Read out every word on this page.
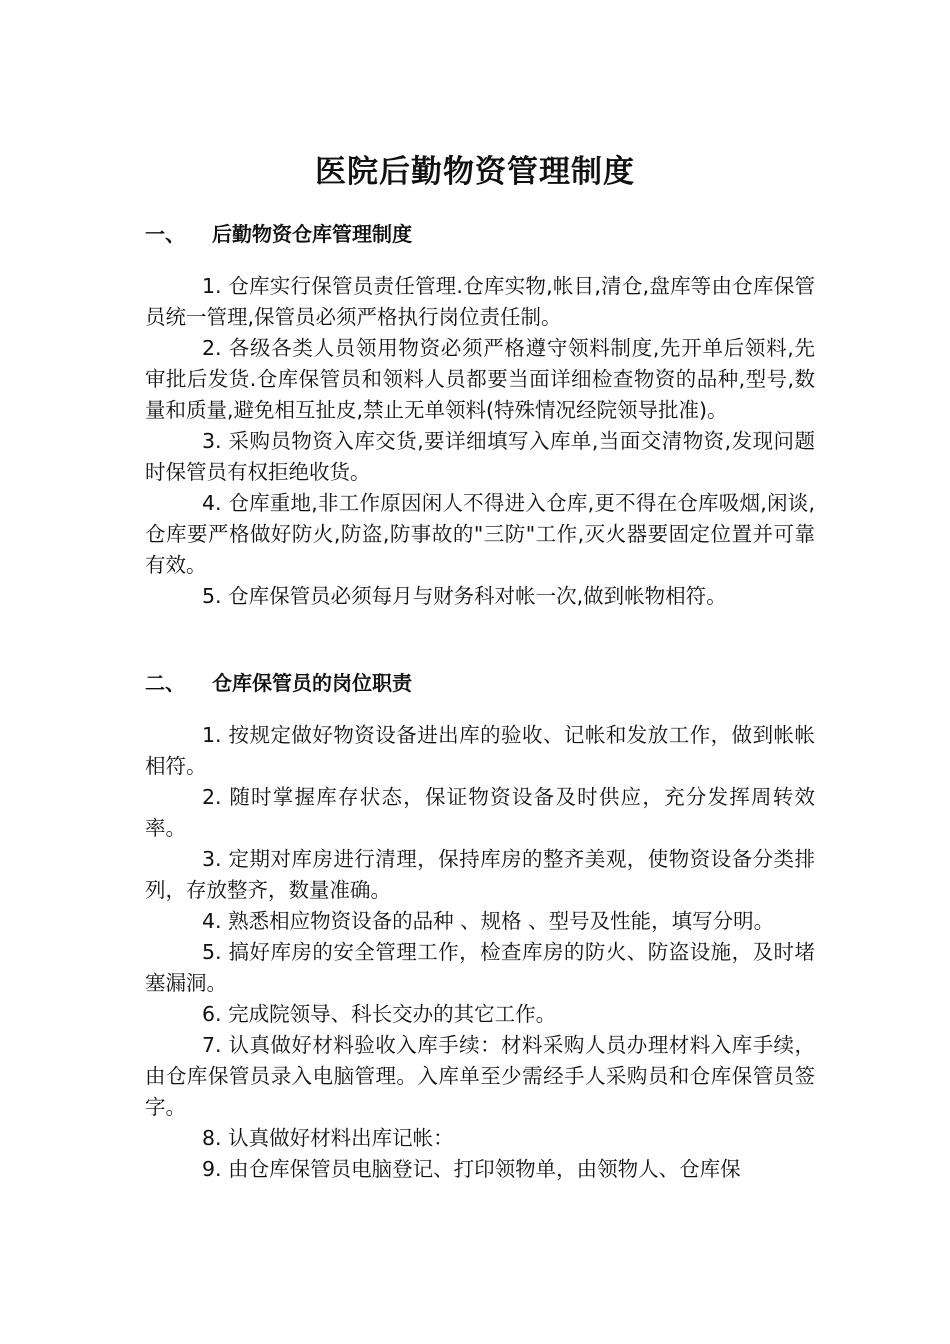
医院后勤物资管理制度
一、 后勤物资仓库管理制度
1. 仓库实行保管员责任管理.仓库实物,帐目,清仓,盘库等由仓库保管员统一管理,保管员必须严格执行岗位责任制。
2. 各级各类人员领用物资必须严格遵守领料制度,先开单后领料,先审批后发货.仓库保管员和领料人员都要当面详细检查物资的品种,型号,数量和质量,避免相互扯皮,禁止无单领料(特殊情况经院领导批准)。
3. 采购员物资入库交货,要详细填写入库单,当面交清物资,发现问题时保管员有权拒绝收货。
4. 仓库重地,非工作原因闲人不得进入仓库,更不得在仓库吸烟,闲谈,仓库要严格做好防火,防盗,防事故的"三防"工作,灭火器要固定位置并可靠有效。
5. 仓库保管员必须每月与财务科对帐一次,做到帐物相符。
二、 仓库保管员的岗位职责
1. 按规定做好物资设备进出库的验收、记帐和发放工作，做到帐帐相符。
2. 随时掌握库存状态，保证物资设备及时供应，充分发挥周转效率。
3. 定期对库房进行清理，保持库房的整齐美观，使物资设备分类排列，存放整齐，数量准确。
4. 熟悉相应物资设备的品种 、规格 、型号及性能，填写分明。
5. 搞好库房的安全管理工作，检查库房的防火、防盗设施，及时堵塞漏洞。
6. 完成院领导、科长交办的其它工作。
7. 认真做好材料验收入库手续：材料采购人员办理材料入库手续，由仓库保管员录入电脑管理。入库单至少需经手人采购员和仓库保管员签字。
8. 认真做好材料出库记帐：
9. 由仓库保管员电脑登记、打印领物单，由领物人、仓库保
